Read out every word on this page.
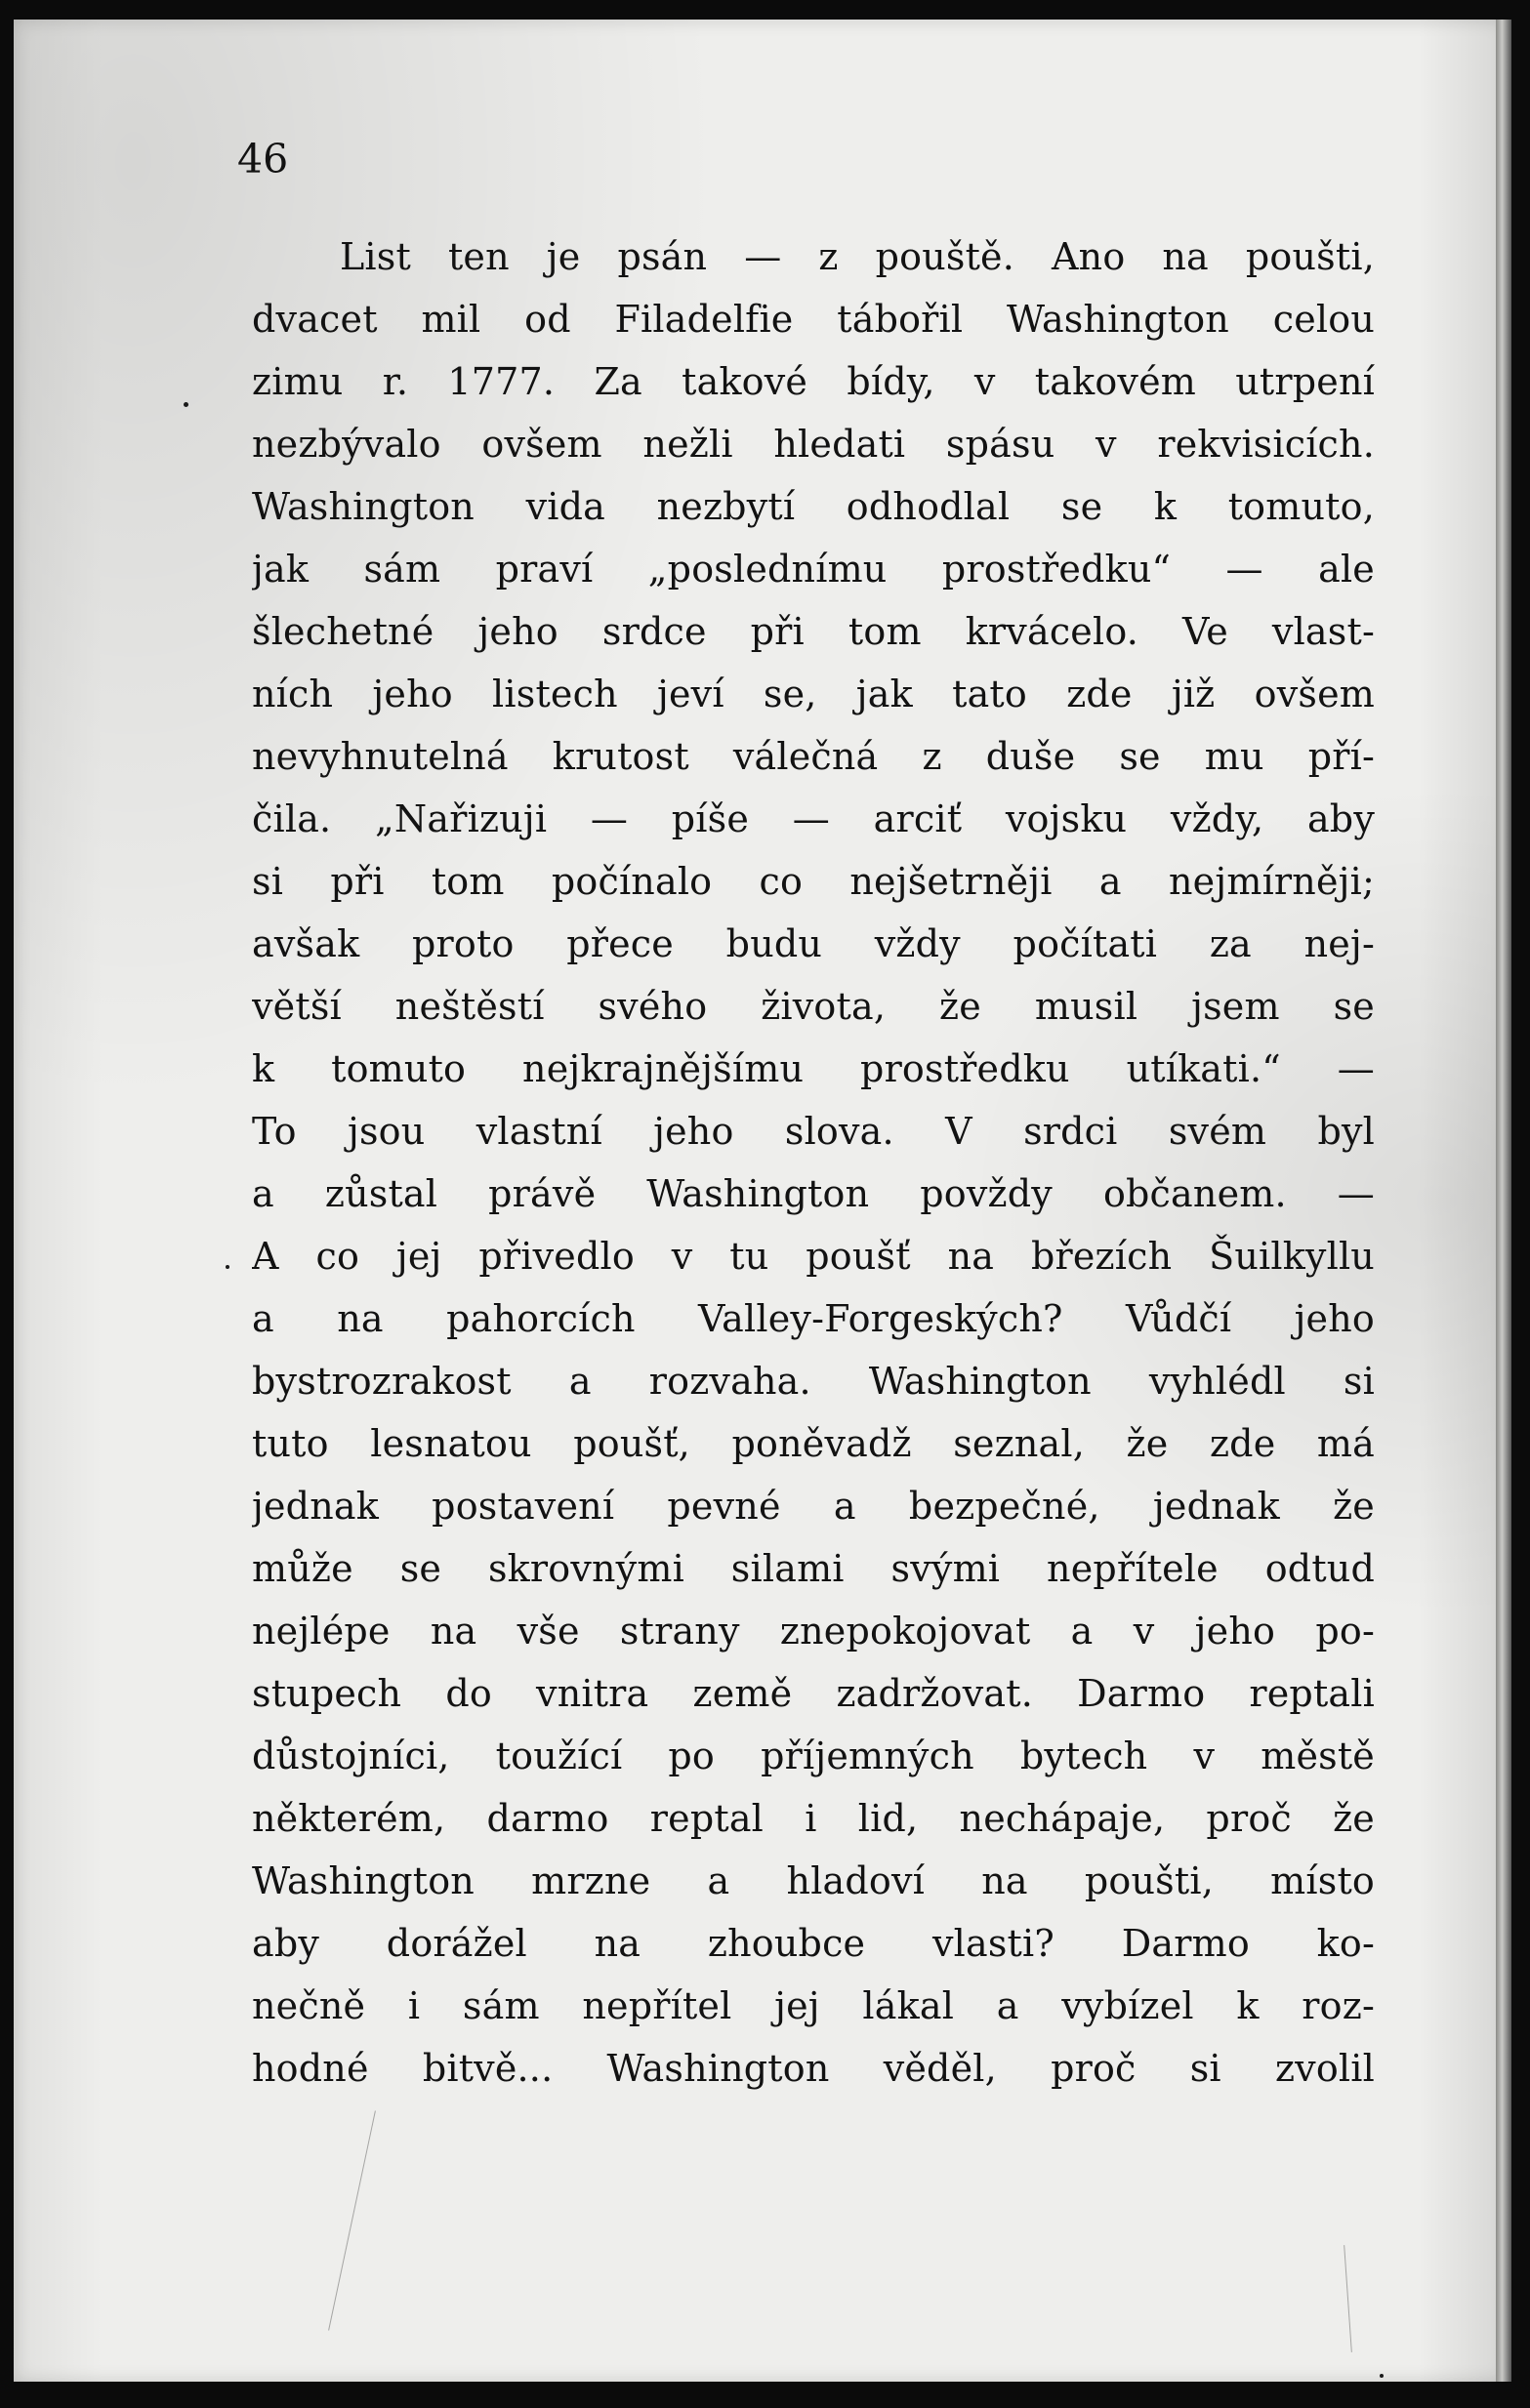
46
List ten je psán — z pouště. Ano na poušti,
dvacet mil od Filadelfie tábořil Washington celou
zimu r. 1777. Za takové bídy, v takovém utrpení
nezbývalo ovšem nežli hledati spásu v rekvisicích.
Washington vida nezbytí odhodlal se k tomuto,
jak sám praví „poslednímu prostředku“ — ale
šlechetné jeho srdce při tom krvácelo. Ve vlast-
ních jeho listech jeví se, jak tato zde již ovšem
nevyhnutelná krutost válečná z duše se mu pří-
čila. „Nařizuji — píše — arciť vojsku vždy, aby
si při tom počínalo co nejšetrněji a nejmírněji;
avšak proto přece budu vždy počítati za nej-
větší neštěstí svého života, že musil jsem se
k tomuto nejkrajnějšímu prostředku utíkati.“ —
To jsou vlastní jeho slova. V srdci svém byl
a zůstal právě Washington povždy občanem. —
A co jej přivedlo v tu poušť na březích Šuilkyllu
a na pahorcích Valley-Forgeských? Vůdčí jeho
bystrozrakost a rozvaha. Washington vyhlédl si
tuto lesnatou poušť, poněvadž seznal, že zde má
jednak postavení pevné a bezpečné, jednak že
může se skrovnými silami svými nepřítele odtud
nejlépe na vše strany znepokojovat a v jeho po-
stupech do vnitra země zadržovat. Darmo reptali
důstojníci, toužící po příjemných bytech v městě
některém, darmo reptal i lid, nechápaje, proč že
Washington mrzne a hladoví na poušti, místo
aby dorážel na zhoubce vlasti? Darmo ko-
nečně i sám nepřítel jej lákal a vybízel k roz-
hodné bitvě... Washington věděl, proč si zvolil
